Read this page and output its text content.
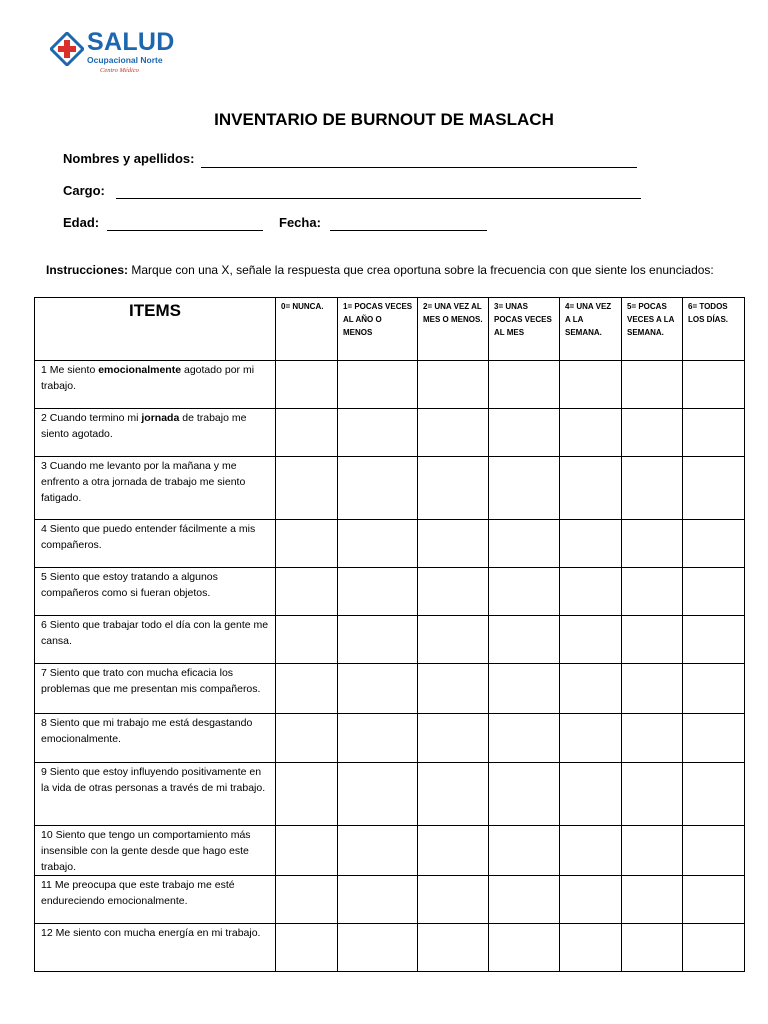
SALUD
Ocupacional Norte
Centro Médico
INVENTARIO DE BURNOUT DE MASLACH
Nombres y apellidos:
Cargo:
Edad:	Fecha:
Instrucciones: Marque con una X, señale la respuesta que crea oportuna sobre la frecuencia con que siente los enunciados:
ITEMS	0= NUNCA.	1= POCAS VECES AL AÑO O MENOS	2= UNA VEZ AL MES O MENOS.	3= UNAS POCAS VECES AL MES	4= UNA VEZ A LA SEMANA.	5= POCAS VECES A LA SEMANA.	6= TODOS LOS DÍAS.
1 Me siento emocionalmente agotado por mi trabajo.							
2 Cuando termino mi jornada de trabajo me siento agotado.							
3 Cuando me levanto por la mañana y me enfrento a otra jornada de trabajo me siento fatigado.							
4 Siento que puedo entender fácilmente a mis compañeros.							
5 Siento que estoy tratando a algunos compañeros como si fueran objetos.							
6 Siento que trabajar todo el día con la gente me cansa.							
7 Siento que trato con mucha eficacia los problemas que me presentan mis compañeros.							
8 Siento que mi trabajo me está desgastando emocionalmente.							
9 Siento que estoy influyendo positivamente en la vida de otras personas a través de mi trabajo.							
10 Siento que tengo un comportamiento más insensible con la gente desde que hago este trabajo.							
11 Me preocupa que este trabajo me esté endureciendo emocionalmente.							
12 Me siento con mucha energía en mi trabajo.							
